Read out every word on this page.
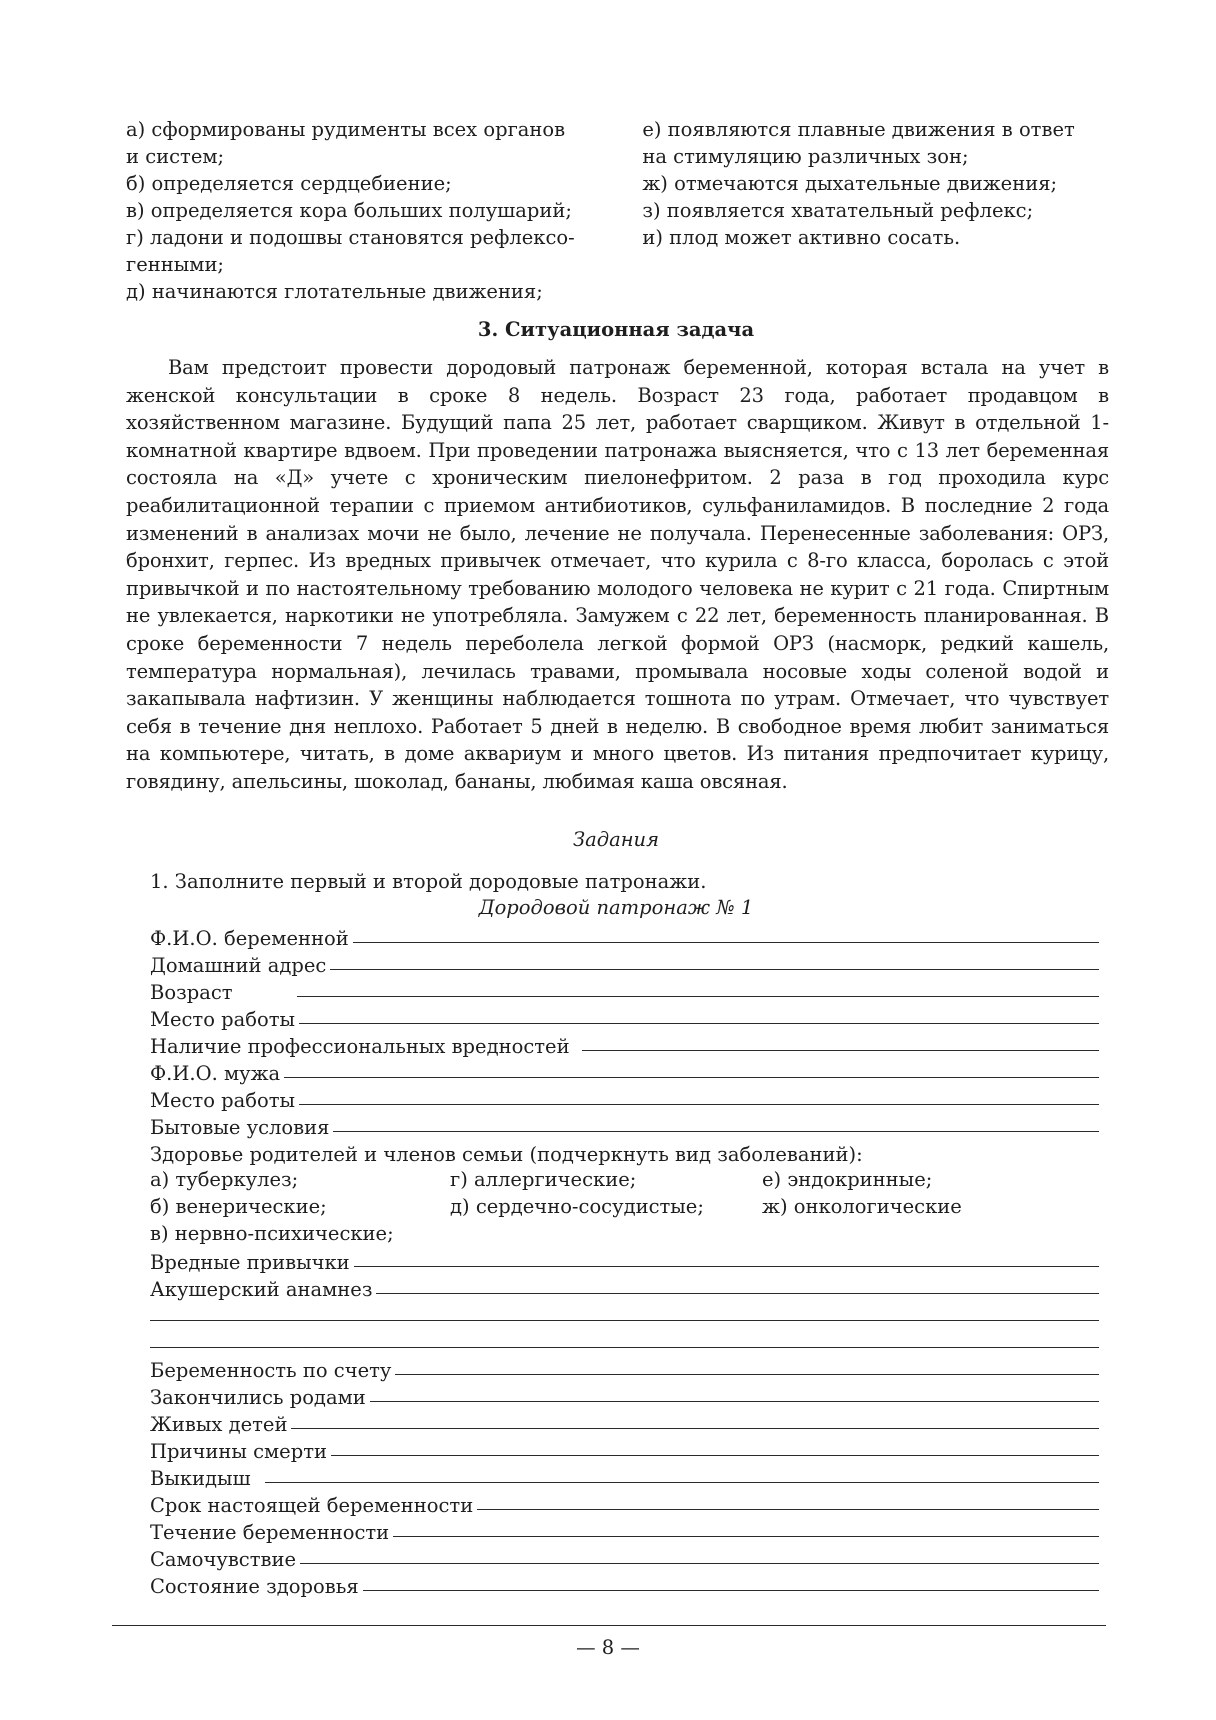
а) сформированы рудименты всех органов
и систем;
б) определяется сердцебиение;
в) определяется кора больших полушарий;
г) ладони и подошвы становятся рефлексо-
генными;
д) начинаются глотательные движения;
е) появляются плавные движения в ответ
на стимуляцию различных зон;
ж) отмечаются дыхательные движения;
з) появляется хватательный рефлекс;
и) плод может активно сосать.
3. Ситуационная задача
Вам предстоит провести дородовый патронаж беременной, которая встала на учет в женской консультации в сроке 8 недель. Возраст 23 года, работает продавцом в хозяйственном магазине. Будущий папа 25 лет, работает сварщиком. Живут в отдельной 1-комнатной квартире вдвоем. При проведении патронажа выясняется, что с 13 лет беременная состояла на «Д» учете с хроническим пиелонефритом. 2 раза в год проходила курс реабилитационной терапии с приемом антибиотиков, сульфаниламидов. В последние 2 года изменений в анализах мочи не было, лечение не получала. Перенесенные заболевания: ОРЗ, бронхит, герпес. Из вредных привычек отмечает, что курила с 8-го класса, боролась с этой привычкой и по настоятельному требованию молодого человека не курит с 21 года. Спиртным не увлекается, наркотики не употребляла. Замужем с 22 лет, беременность планированная. В сроке беременности 7 недель переболела легкой формой ОРЗ (насморк, редкий кашель, температура нормальная), лечилась травами, промывала носовые ходы соленой водой и закапывала нафтизин. У женщины наблюдается тошнота по утрам. Отмечает, что чувствует себя в течение дня неплохо. Работает 5 дней в неделю. В свободное время любит заниматься на компьютере, читать, в доме аквариум и много цветов. Из питания предпочитает курицу, говядину, апельсины, шоколад, бананы, любимая каша овсяная.
Задания
1. Заполните первый и второй дородовые патронажи.
Дородовой патронаж № 1
Ф.И.О. беременной
Домашний адрес
Возраст
Место работы
Наличие профессиональных вредностей
Ф.И.О. мужа
Место работы
Бытовые условия
Здоровье родителей и членов семьи (подчеркнуть вид заболеваний):
а) туберкулез;	г) аллергические;	е) эндокринные;
б) венерические;	д) сердечно-сосудистые;	ж) онкологические
в) нервно-психические;
Вредные привычки
Акушерский анамнез
Беременность по счету
Закончились родами
Живых детей
Причины смерти
Выкидыш
Срок настоящей беременности
Течение беременности
Самочувствие
Состояние здоровья
— 8 —
